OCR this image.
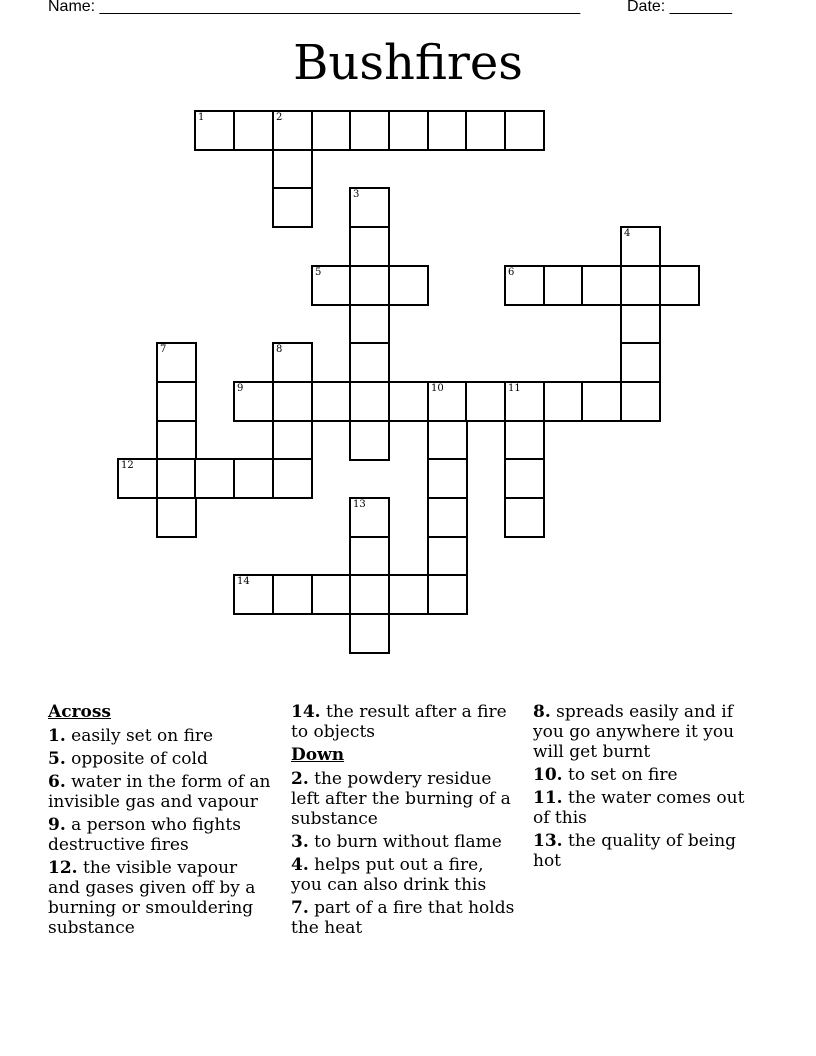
Name: ______________________________________________________	Date: _______
Bushfires
1	2
3
4
5	6
7	8
9	10	11
12
13
14
Across
1. easily set on fire
5. opposite of cold
6. water in the form of an invisible gas and vapour
9. a person who fights destructive fires
12. the visible vapour and gases given off by a burning or smouldering substance
14. the result after a fire to objects
Down
2. the powdery residue left after the burning of a substance
3. to burn without flame
4. helps put out a fire, you can also drink this
7. part of a fire that holds the heat
8. spreads easily and if you go anywhere it you will get burnt
10. to set on fire
11. the water comes out of this
13. the quality of being hot
